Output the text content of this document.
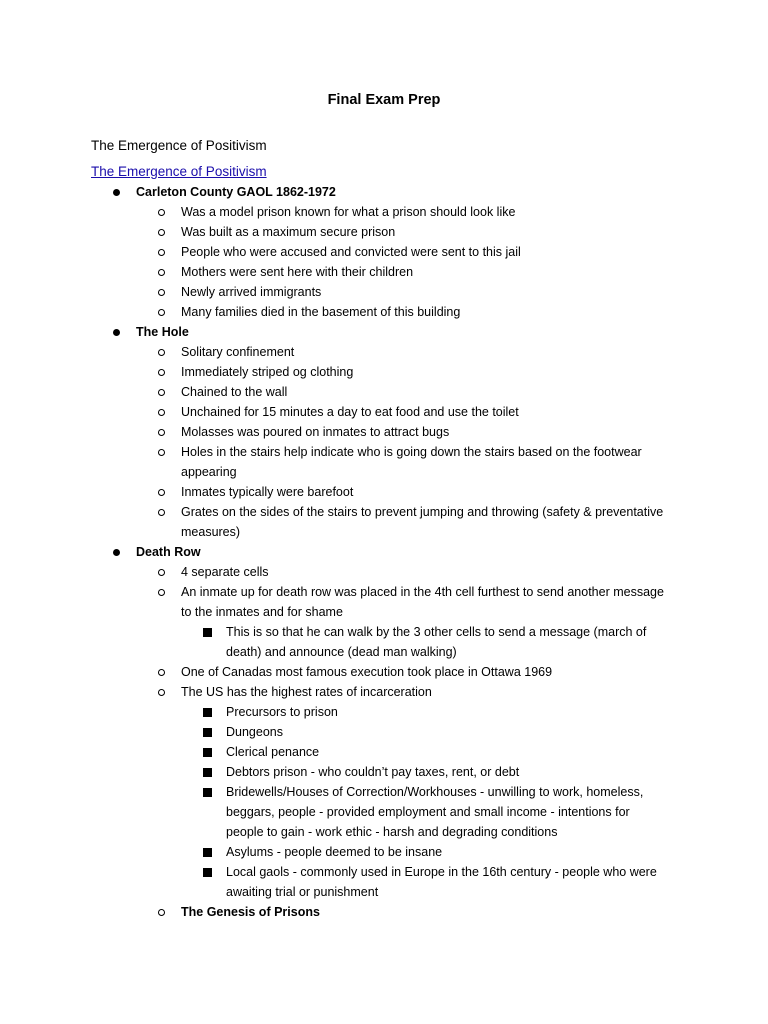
Final Exam Prep
The Emergence of Positivism
The Emergence of Positivism
Carleton County GAOL 1862-1972
Was a model prison known for what a prison should look like
Was built as a maximum secure prison
People who were accused and convicted were sent to this jail
Mothers were sent here with their children
Newly arrived immigrants
Many families died in the basement of this building
The Hole
Solitary confinement
Immediately striped og clothing
Chained to the wall
Unchained for 15 minutes a day to eat food and use the toilet
Molasses was poured on inmates to attract bugs
Holes in the stairs help indicate who is going down the stairs based on the footwear
appearing
Inmates typically were barefoot
Grates on the sides of the stairs to prevent jumping and throwing (safety & preventative
measures)
Death Row
4 separate cells
An inmate up for death row was placed in the 4th cell furthest to send another message
to the inmates and for shame
This is so that he can walk by the 3 other cells to send a message (march of
death) and announce (dead man walking)
One of Canadas most famous execution took place in Ottawa 1969
The US has the highest rates of incarceration
Precursors to prison
Dungeons
Clerical penance
Debtors prison - who couldn’t pay taxes, rent, or debt
Bridewells/Houses of Correction/Workhouses - unwilling to work, homeless,
beggars, people - provided employment and small income - intentions for
people to gain - work ethic - harsh and degrading conditions
Asylums - people deemed to be insane
Local gaols - commonly used in Europe in the 16th century - people who were
awaiting trial or punishment
The Genesis of Prisons
